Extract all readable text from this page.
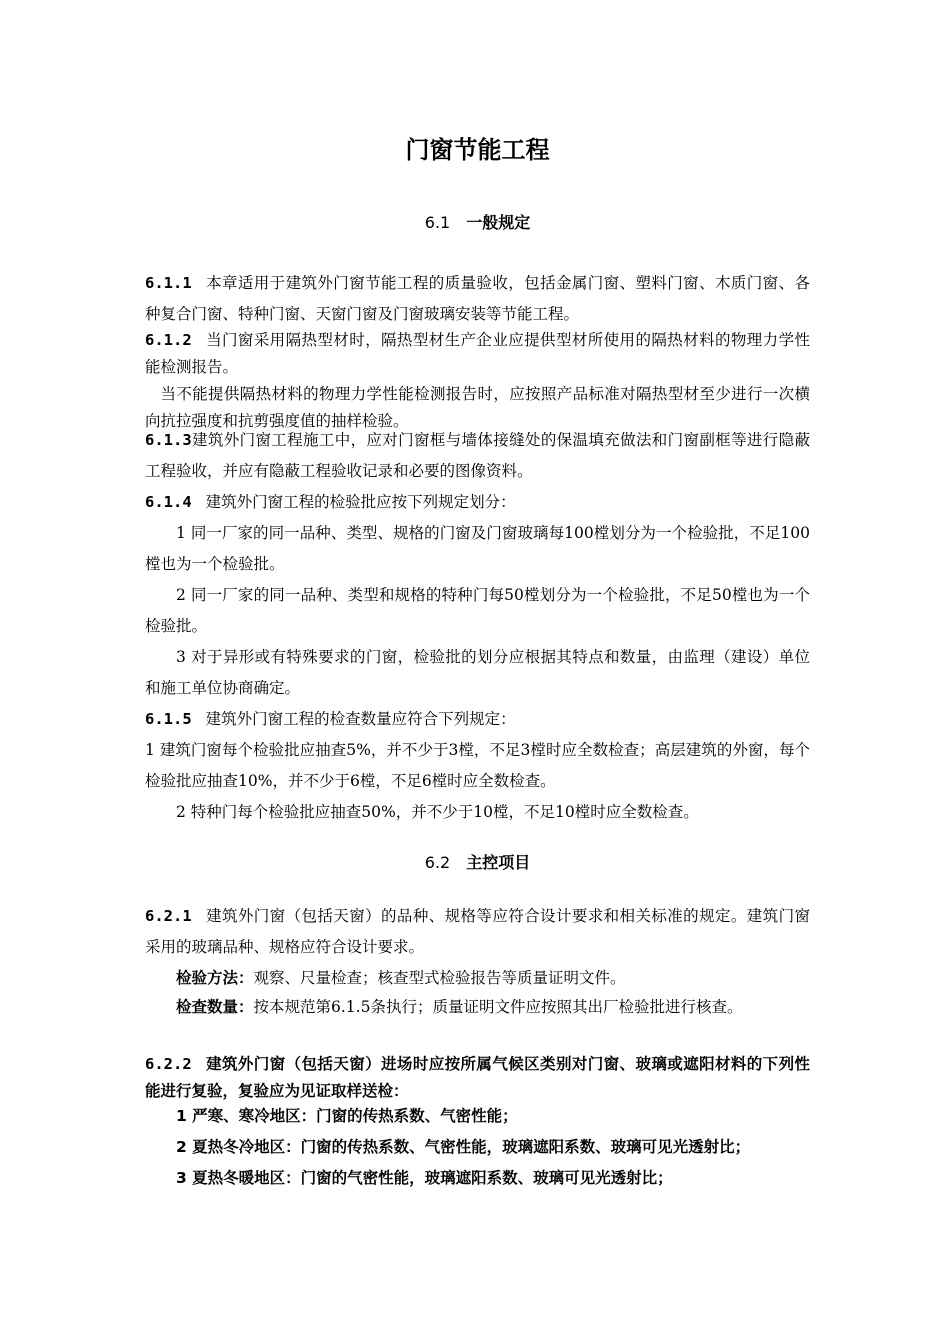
门窗节能工程
6.1 一般规定

6.1.1 本章适用于建筑外门窗节能工程的质量验收，包括金属门窗、塑料门窗、木质门窗、各种复合门窗、特种门窗、天窗门窗及门窗玻璃安装等节能工程。

6.1.2 当门窗采用隔热型材时，隔热型材生产企业应提供型材所使用的隔热材料的物理力学性能检测报告。

当不能提供隔热材料的物理力学性能检测报告时，应按照产品标准对隔热型材至少进行一次横向抗拉强度和抗剪强度值的抽样检验。

6.1.3建筑外门窗工程施工中，应对门窗框与墙体接缝处的保温填充做法和门窗副框等进行隐蔽工程验收，并应有隐蔽工程验收记录和必要的图像资料。

6.1.4 建筑外门窗工程的检验批应按下列规定划分：

1 同一厂家的同一品种、类型、规格的门窗及门窗玻璃每100樘划分为一个检验批，不足100樘也为一个检验批。

2 同一厂家的同一品种、类型和规格的特种门每50樘划分为一个检验批，不足50樘也为一个检验批。

3 对于异形或有特殊要求的门窗，检验批的划分应根据其特点和数量，由监理（建设）单位和施工单位协商确定。

6.1.5 建筑外门窗工程的检查数量应符合下列规定：

1 建筑门窗每个检验批应抽查5%，并不少于3樘，不足3樘时应全数检查；高层建筑的外窗，每个检验批应抽查10%，并不少于6樘，不足6樘时应全数检查。

2 特种门每个检验批应抽查50%，并不少于10樘，不足10樘时应全数检查。

6.2 主控项目

6.2.1 建筑外门窗（包括天窗）的品种、规格等应符合设计要求和相关标准的规定。建筑门窗采用的玻璃品种、规格应符合设计要求。

检验方法：观察、尺量检查；核查型式检验报告等质量证明文件。

检查数量：按本规范第6.1.5条执行；质量证明文件应按照其出厂检验批进行核查。

6.2.2 建筑外门窗（包括天窗）进场时应按所属气候区类别对门窗、玻璃或遮阳材料的下列性能进行复验，复验应为见证取样送检：

1 严寒、寒冷地区：门窗的传热系数、气密性能；

2 夏热冬冷地区：门窗的传热系数、气密性能，玻璃遮阳系数、玻璃可见光透射比；

3 夏热冬暖地区：门窗的气密性能，玻璃遮阳系数、玻璃可见光透射比；
